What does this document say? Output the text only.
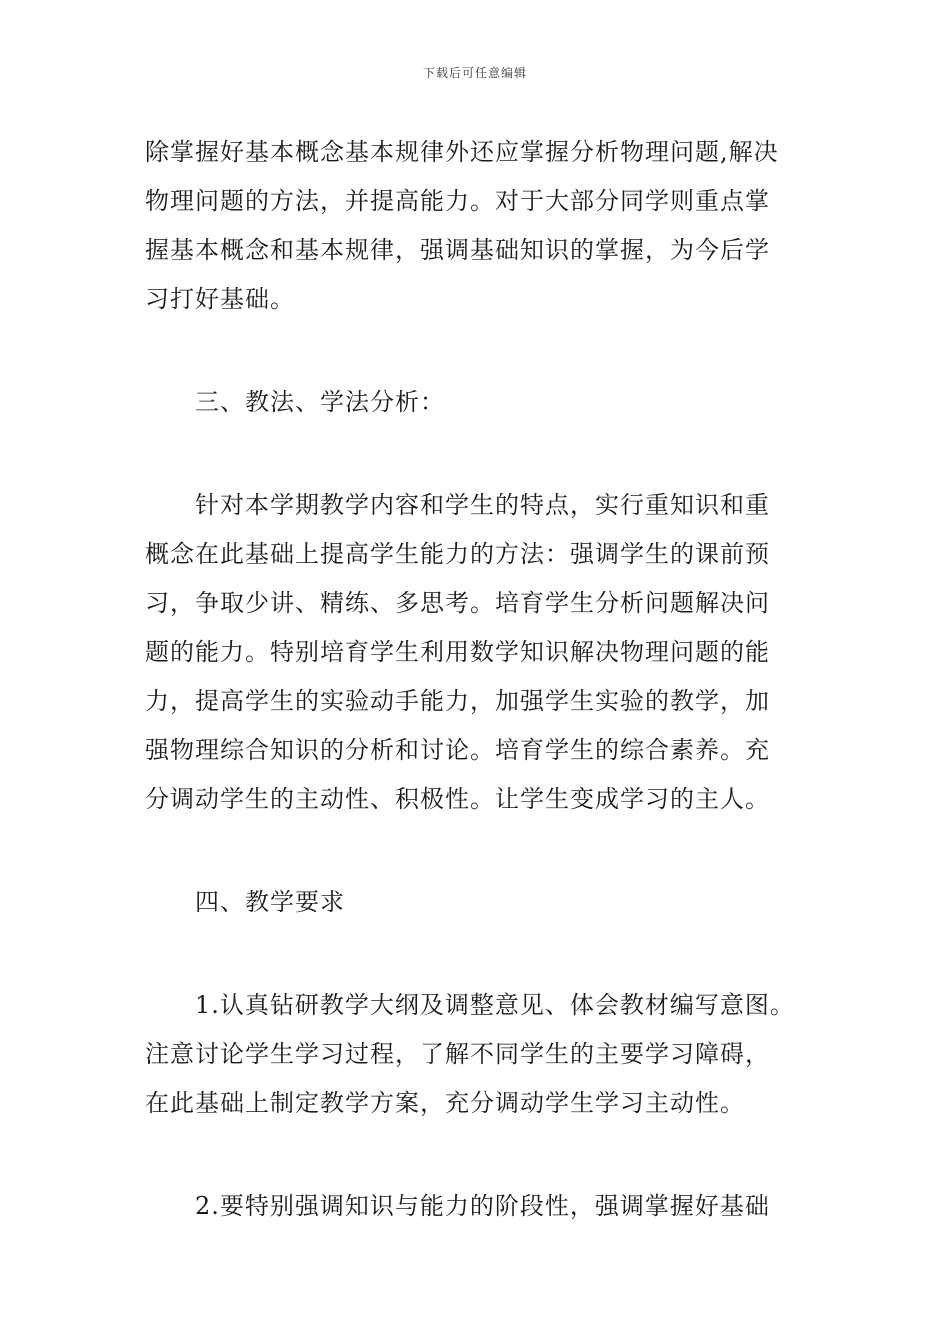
下载后可任意编辑

除掌握好基本概念基本规律外还应掌握分析物理问题,解决
物理问题的方法，并提高能力。对于大部分同学则重点掌
握基本概念和基本规律，强调基础知识的掌握，为今后学
习打好基础。

三、教法、学法分析：

针对本学期教学内容和学生的特点，实行重知识和重
概念在此基础上提高学生能力的方法：强调学生的课前预
习，争取少讲、精练、多思考。培育学生分析问题解决问
题的能力。特别培育学生利用数学知识解决物理问题的能
力，提高学生的实验动手能力，加强学生实验的教学，加
强物理综合知识的分析和讨论。培育学生的综合素养。充
分调动学生的主动性、积极性。让学生变成学习的主人。

四、教学要求

1.认真钻研教学大纲及调整意见、体会教材编写意图。
注意讨论学生学习过程，了解不同学生的主要学习障碍，
在此基础上制定教学方案，充分调动学生学习主动性。

2.要特别强调知识与能力的阶段性，强调掌握好基础
